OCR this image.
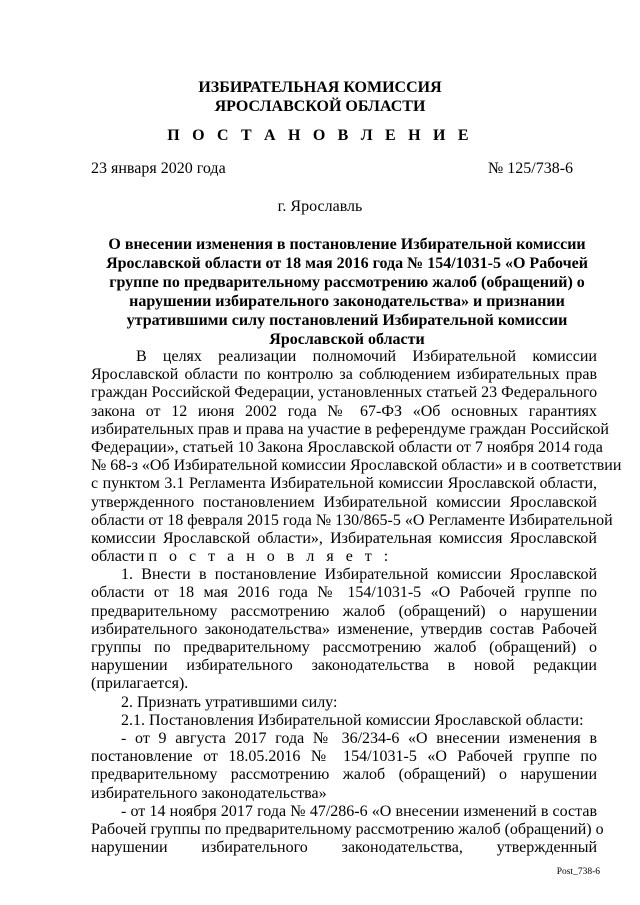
ИЗБИРАТЕЛЬНАЯ КОМИССИЯ
ЯРОСЛАВСКОЙ ОБЛАСТИ
П О С Т А Н О В Л Е Н И Е
23 января 2020 года	№ 125/738-6
г. Ярославль
О внесении изменения в постановление Избирательной комиссии
Ярославской области от 18 мая 2016 года № 154/1031-5 «О Рабочей
группе по предварительному рассмотрению жалоб (обращений) о
нарушении избирательного законодательства» и признании
утратившими силу постановлений Избирательной комиссии
Ярославской области
В целях реализации полномочий Избирательной комиссии
Ярославской области по контролю за соблюдением избирательных прав
граждан Российской Федерации, установленных статьей 23 Федерального
закона от 12 июня 2002 года № 67-ФЗ «Об основных гарантиях
избирательных прав и права на участие в референдуме граждан Российской
Федерации», статьей 10 Закона Ярославской области от 7 ноября 2014 года
№ 68-з «Об Избирательной комиссии Ярославской области» и в соответствии
с пунктом 3.1 Регламента Избирательной комиссии Ярославской области,
утвержденного постановлением Избирательной комиссии Ярославской
области от 18 февраля 2015 года № 130/865-5 «О Регламенте Избирательной
комиссии Ярославской области», Избирательная комиссия Ярославской
области п о с т а н о в л я е т :
1. Внести в постановление Избирательной комиссии Ярославской
области от 18 мая 2016 года № 154/1031-5 «О Рабочей группе по
предварительному рассмотрению жалоб (обращений) о нарушении
избирательного законодательства» изменение, утвердив состав Рабочей
группы по предварительному рассмотрению жалоб (обращений) о
нарушении избирательного законодательства в новой редакции
(прилагается).
2. Признать утратившими силу:
2.1. Постановления Избирательной комиссии Ярославской области:
- от 9 августа 2017 года № 36/234-6 «О внесении изменения в
постановление от 18.05.2016 № 154/1031-5 «О Рабочей группе по
предварительному рассмотрению жалоб (обращений) о нарушении
избирательного законодательства»
- от 14 ноября 2017 года № 47/286-6 «О внесении изменений в состав
Рабочей группы по предварительному рассмотрению жалоб (обращений) о
нарушении избирательного законодательства, утвержденный
Post_738-6
